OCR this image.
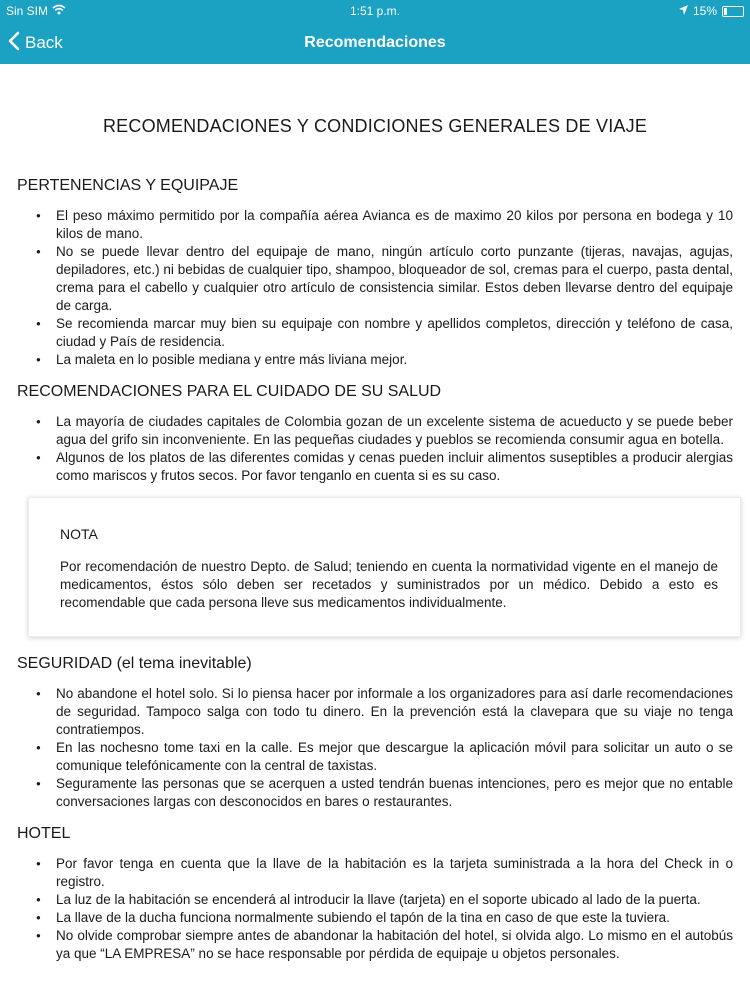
Sin SIM	1:51 p.m.	15%
Back	Recomendaciones
RECOMENDACIONES Y CONDICIONES GENERALES DE VIAJE
PERTENENCIAS Y EQUIPAJE
● El peso máximo permitido por la compañía aérea Avianca es de maximo 20 kilos por persona en bodega y 10 kilos de mano.
● No se puede llevar dentro del equipaje de mano, ningún artículo corto punzante (tijeras, navajas, agujas, depiladores, etc.) ni bebidas de cualquier tipo, shampoo, bloqueador de sol, cremas para el cuerpo, pasta dental, crema para el cabello y cualquier otro artículo de consistencia similar. Estos deben llevarse dentro del equipaje de carga.
● Se recomienda marcar muy bien su equipaje con nombre y apellidos completos, dirección y teléfono de casa, ciudad y País de residencia.
● La maleta en lo posible mediana y entre más liviana mejor.
RECOMENDACIONES PARA EL CUIDADO DE SU SALUD
● La mayoría de ciudades capitales de Colombia gozan de un excelente sistema de acueducto y se puede beber agua del grifo sin inconveniente. En las pequeñas ciudades y pueblos se recomienda consumir agua en botella.
● Algunos de los platos de las diferentes comidas y cenas pueden incluir alimentos suseptibles a producir alergias como mariscos y frutos secos. Por favor tenganlo en cuenta si es su caso.
NOTA
Por recomendación de nuestro Depto. de Salud; teniendo en cuenta la normatividad vigente en el manejo de medicamentos, éstos sólo deben ser recetados y suministrados por un médico. Debido a esto es recomendable que cada persona lleve sus medicamentos individualmente.
SEGURIDAD (el tema inevitable)
● No abandone el hotel solo. Si lo piensa hacer por informale a los organizadores para así darle recomendaciones de seguridad. Tampoco salga con todo tu dinero. En la prevención está la clavepara que su viaje no tenga contratiempos.
● En las nochesno tome taxi en la calle. Es mejor que descargue la aplicación móvil para solicitar un auto o se comunique telefónicamente con la central de taxistas.
● Seguramente las personas que se acerquen a usted tendrán buenas intenciones, pero es mejor que no entable conversaciones largas con desconocidos en bares o restaurantes.
HOTEL
● Por favor tenga en cuenta que la llave de la habitación es la tarjeta suministrada a la hora del Check in o registro.
● La luz de la habitación se encenderá al introducir la llave (tarjeta) en el soporte ubicado al lado de la puerta.
● La llave de la ducha funciona normalmente subiendo el tapón de la tina en caso de que este la tuviera.
● No olvide comprobar siempre antes de abandonar la habitación del hotel, si olvida algo. Lo mismo en el autobús ya que “LA EMPRESA” no se hace responsable por pérdida de equipaje u objetos personales.
